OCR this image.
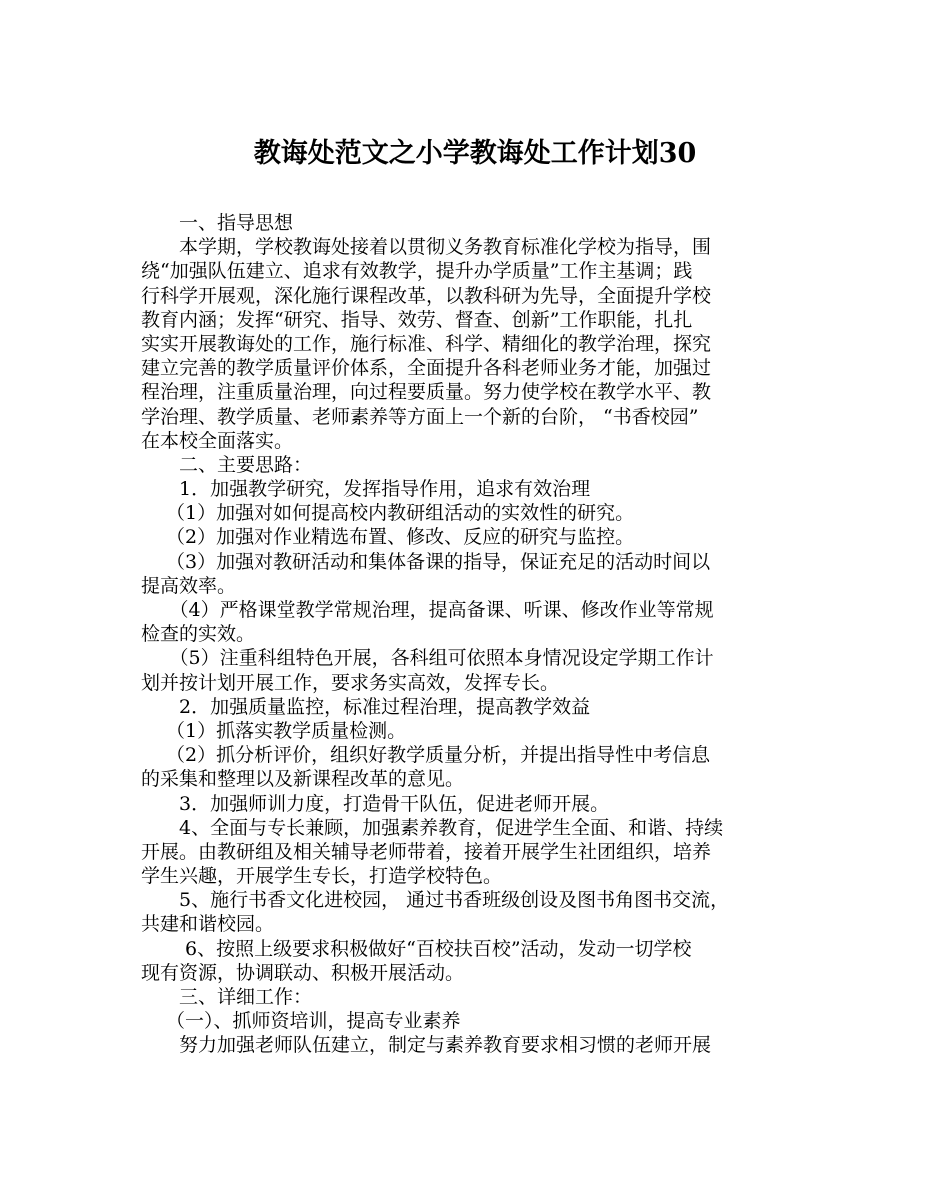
教诲处范文之小学教诲处工作计划30
　　一、指导思想
　　本学期，学校教诲处接着以贯彻义务教育标准化学校为指导，围
绕“加强队伍建立、追求有效教学，提升办学质量”工作主基调；践
行科学开展观，深化施行课程改革，以教科研为先导，全面提升学校
教育内涵；发挥“研究、指导、效劳、督查、创新”工作职能，扎扎
实实开展教诲处的工作，施行标准、科学、精细化的教学治理，探究
建立完善的教学质量评价体系，全面提升各科老师业务才能，加强过
程治理，注重质量治理，向过程要质量。努力使学校在教学水平、教
学治理、教学质量、老师素养等方面上一个新的台阶， “书香校园”
在本校全面落实。
　　二、主要思路：
　　1．加强教学研究，发挥指导作用，追求有效治理
　 （1）加强对如何提高校内教研组活动的实效性的研究。
　 （2）加强对作业精选布置、修改、反应的研究与监控。
　 （3）加强对教研活动和集体备课的指导，保证充足的活动时间以
提高效率。
　　（4）严格课堂教学常规治理，提高备课、听课、修改作业等常规
检查的实效。
　　（5）注重科组特色开展，各科组可依照本身情况设定学期工作计
划并按计划开展工作，要求务实高效，发挥专长。
　　2．加强质量监控，标准过程治理，提高教学效益
　 （1）抓落实教学质量检测。
　 （2）抓分析评价，组织好教学质量分析，并提出指导性中考信息
的采集和整理以及新课程改革的意见。
　　3．加强师训力度，打造骨干队伍，促进老师开展。
　　4、全面与专长兼顾，加强素养教育，促进学生全面、和谐、持续
开展。由教研组及相关辅导老师带着，接着开展学生社团组织，培养
学生兴趣，开展学生专长，打造学校特色。
　　5、施行书香文化进校园， 通过书香班级创设及图书角图书交流，
共建和谐校园。
　　 6、按照上级要求积极做好“百校扶百校”活动，发动一切学校
现有资源，协调联动、积极开展活动。
　　三、详细工作：
　 （一）、抓师资培训，提高专业素养
　　努力加强老师队伍建立，制定与素养教育要求相习惯的老师开展
